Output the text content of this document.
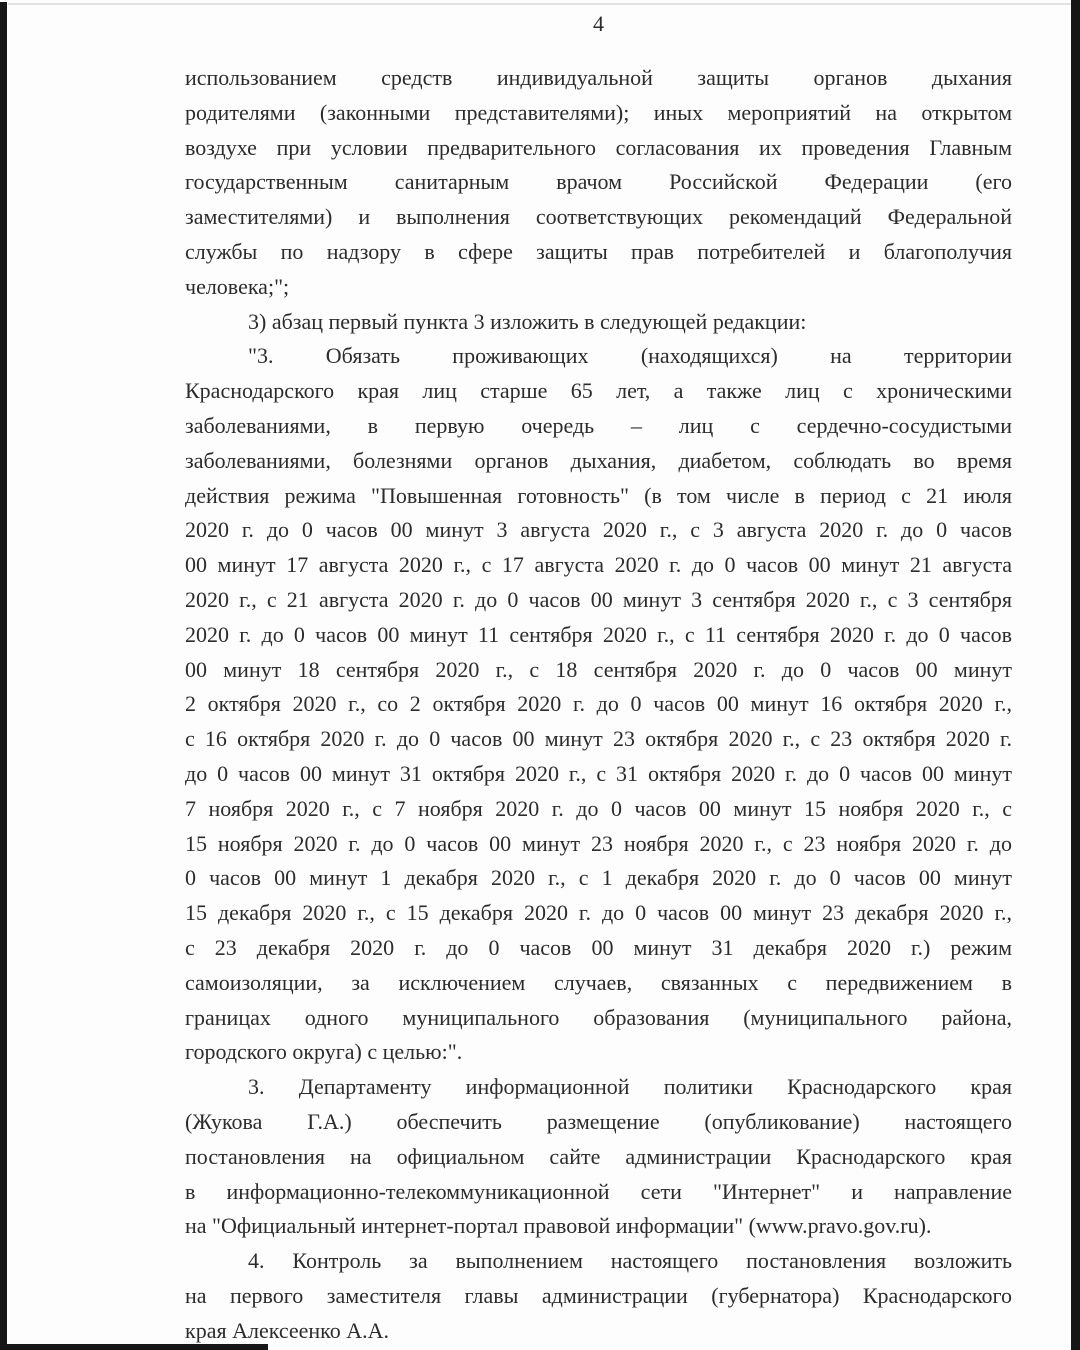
4
использованием средств индивидуальной защиты органов дыхания
родителями (законными представителями); иных мероприятий на открытом
воздухе при условии предварительного согласования их проведения Главным
государственным санитарным врачом Российской Федерации (его
заместителями) и выполнения соответствующих рекомендаций Федеральной
службы по надзору в сфере защиты прав потребителей и благополучия
человека;";
3) абзац первый пункта 3 изложить в следующей редакции:
"3. Обязать проживающих (находящихся) на территории
Краснодарского края лиц старше 65 лет, а также лиц с хроническими
заболеваниями, в первую очередь – лиц с сердечно-сосудистыми
заболеваниями, болезнями органов дыхания, диабетом, соблюдать во время
действия режима "Повышенная готовность" (в том числе в период с 21 июля
2020 г. до 0 часов 00 минут 3 августа 2020 г., с 3 августа 2020 г. до 0 часов
00 минут 17 августа 2020 г., с 17 августа 2020 г. до 0 часов 00 минут 21 августа
2020 г., с 21 августа 2020 г. до 0 часов 00 минут 3 сентября 2020 г., с 3 сентября
2020 г. до 0 часов 00 минут 11 сентября 2020 г., с 11 сентября 2020 г. до 0 часов
00 минут 18 сентября 2020 г., с 18 сентября 2020 г. до 0 часов 00 минут
2 октября 2020 г., со 2 октября 2020 г. до 0 часов 00 минут 16 октября 2020 г.,
с 16 октября 2020 г. до 0 часов 00 минут 23 октября 2020 г., с 23 октября 2020 г.
до 0 часов 00 минут 31 октября 2020 г., с 31 октября 2020 г. до 0 часов 00 минут
7 ноября 2020 г., с 7 ноября 2020 г. до 0 часов 00 минут 15 ноября 2020 г., с
15 ноября 2020 г. до 0 часов 00 минут 23 ноября 2020 г., с 23 ноября 2020 г. до
0 часов 00 минут 1 декабря 2020 г., с 1 декабря 2020 г. до 0 часов 00 минут
15 декабря 2020 г., с 15 декабря 2020 г. до 0 часов 00 минут 23 декабря 2020 г.,
с 23 декабря 2020 г. до 0 часов 00 минут 31 декабря 2020 г.) режим
самоизоляции, за исключением случаев, связанных с передвижением в
границах одного муниципального образования (муниципального района,
городского округа) с целью:".
3. Департаменту информационной политики Краснодарского края
(Жукова Г.А.) обеспечить размещение (опубликование) настоящего
постановления на официальном сайте администрации Краснодарского края
в информационно-телекоммуникационной сети "Интернет" и направление
на "Официальный интернет-портал правовой информации" (www.pravo.gov.ru).
4. Контроль за выполнением настоящего постановления возложить
на первого заместителя главы администрации (губернатора) Краснодарского
края Алексеенко А.А.
